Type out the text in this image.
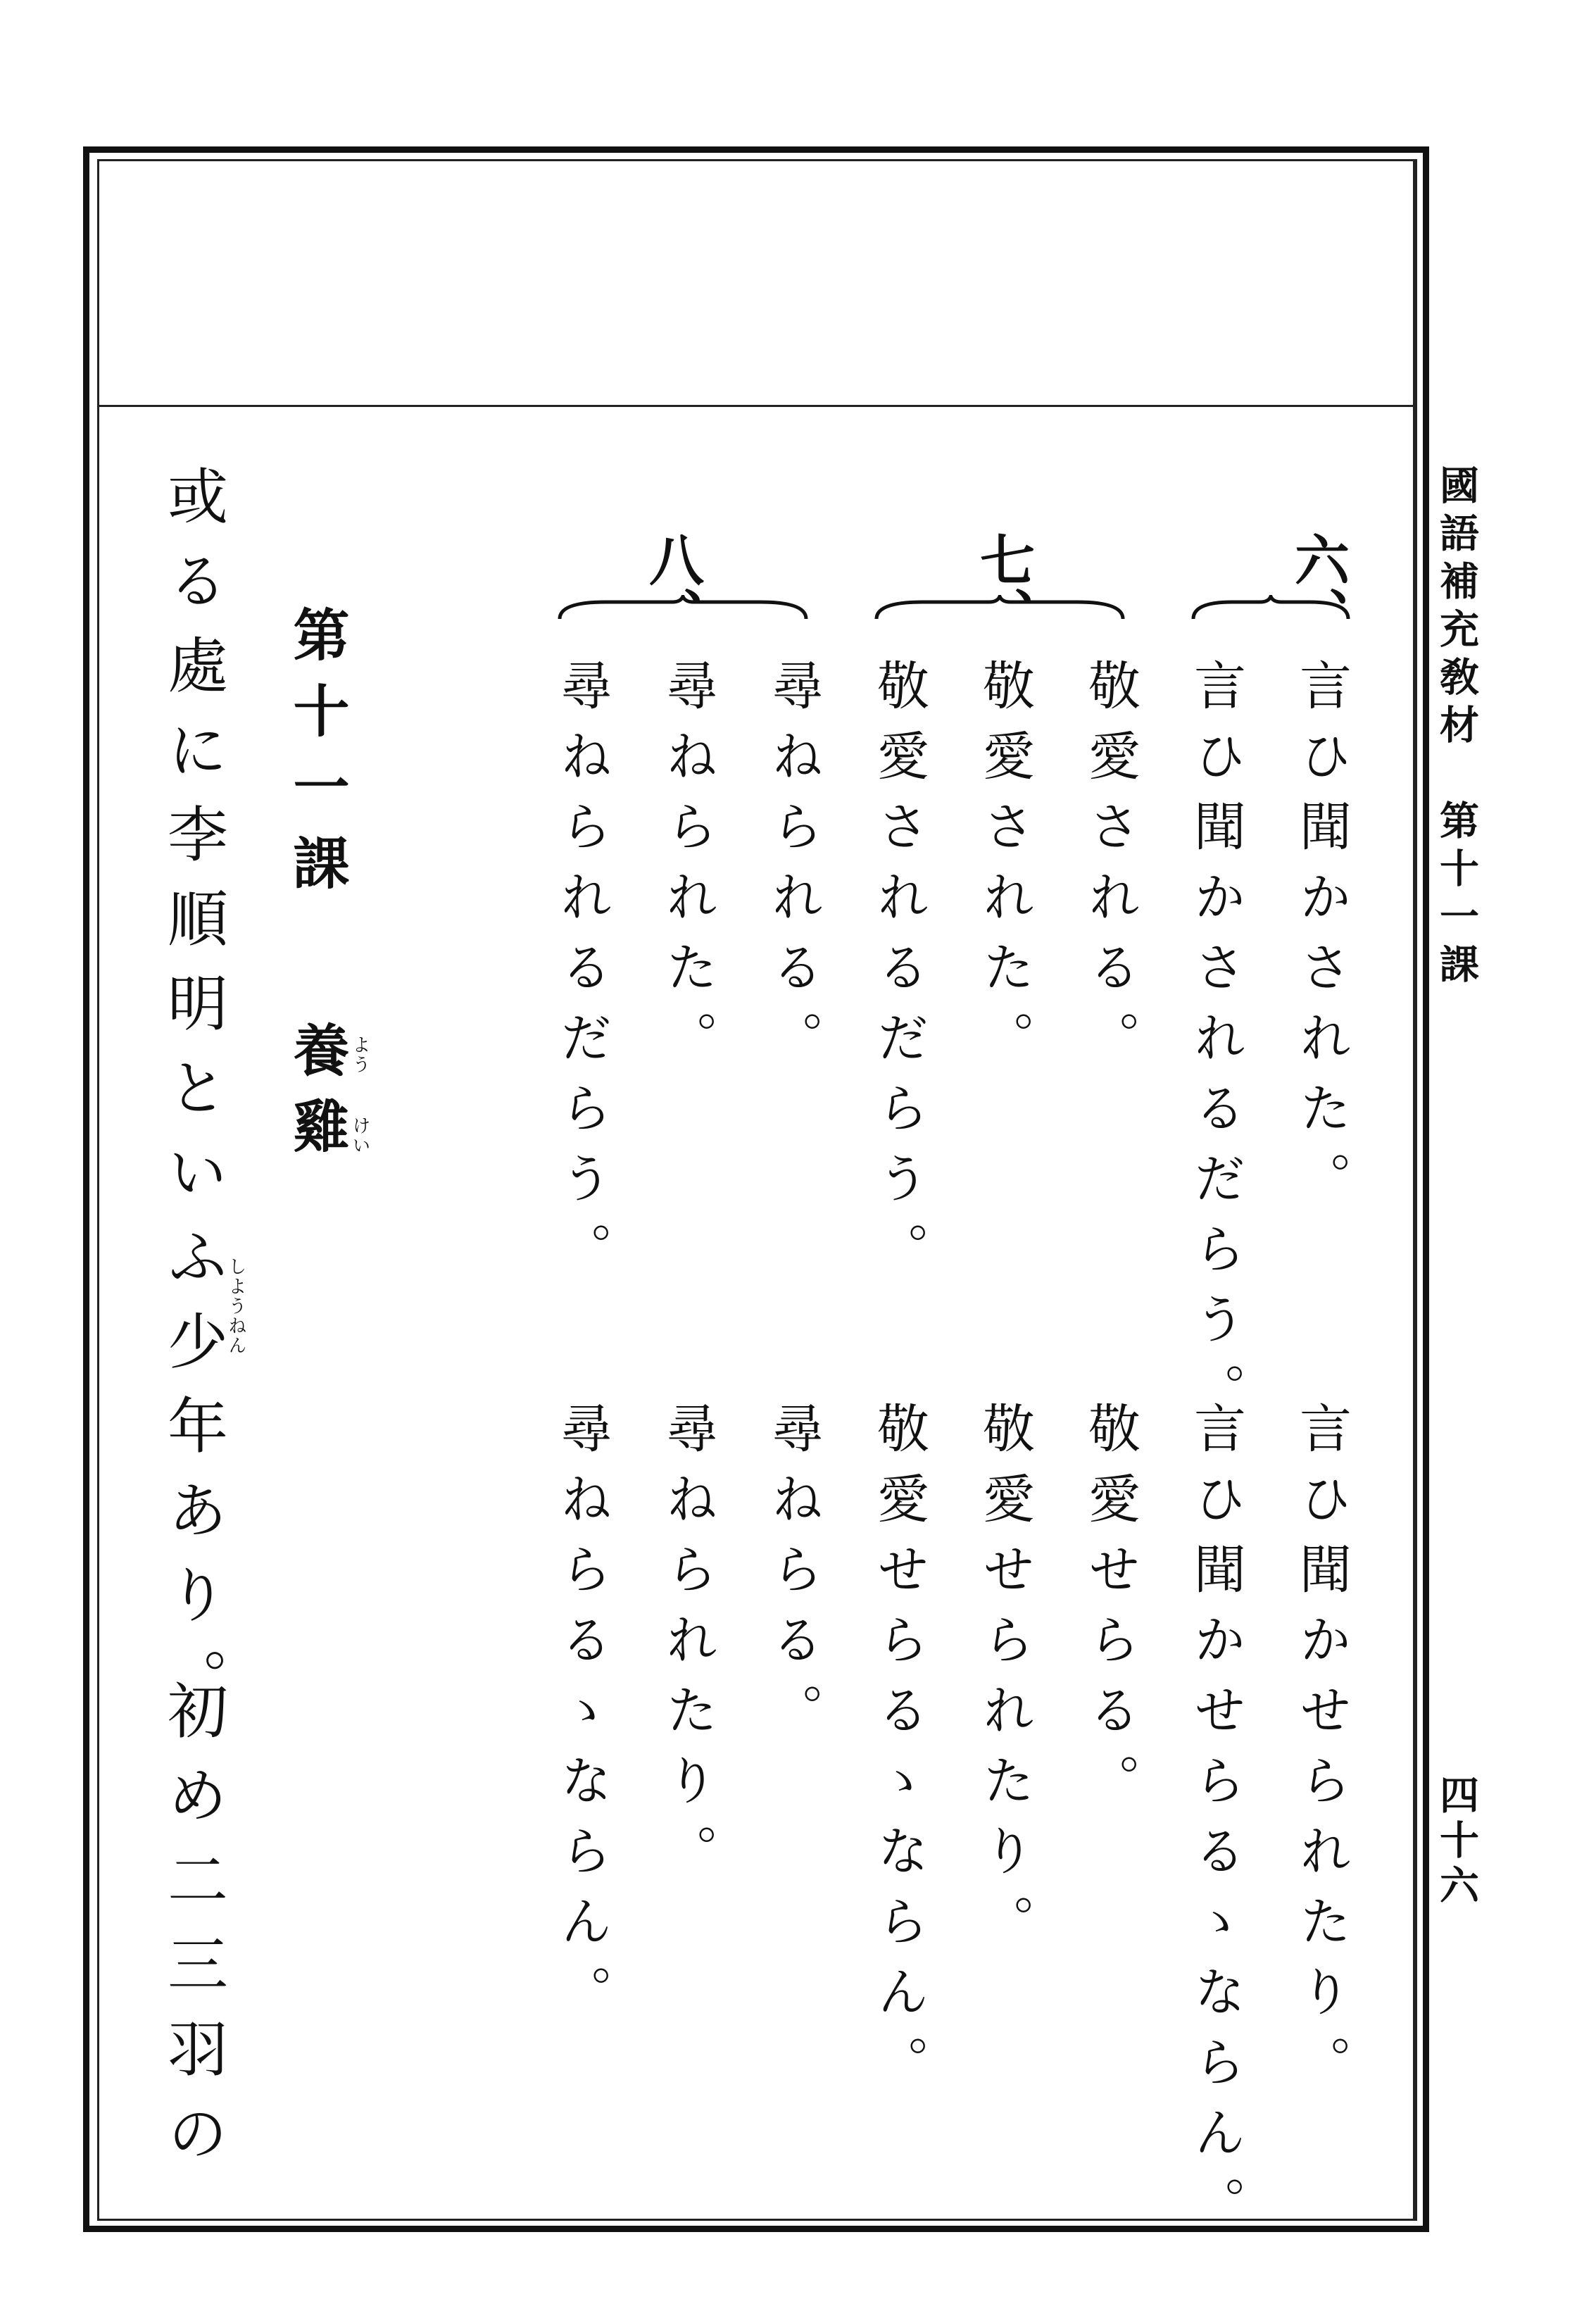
國語補充敎材　第十一課
四十六
六、
言ひ聞かされた。
言ひ聞かされるだらう。
言ひ聞かせられたり。
言ひ聞かせらるゝならん。
七、
敬愛される。
敬愛された。
敬愛されるだらう。
敬愛せらる。
敬愛せられたり。
敬愛せらるゝならん。
八、
尋ねられる。
尋ねられた。
尋ねられるだらう。
尋ねらる。
尋ねられたり。
尋ねらるゝならん。
第十一課
養雞 よう
けい
或る處に李順明といふ少年あり。
しようねん
初め二三羽の
